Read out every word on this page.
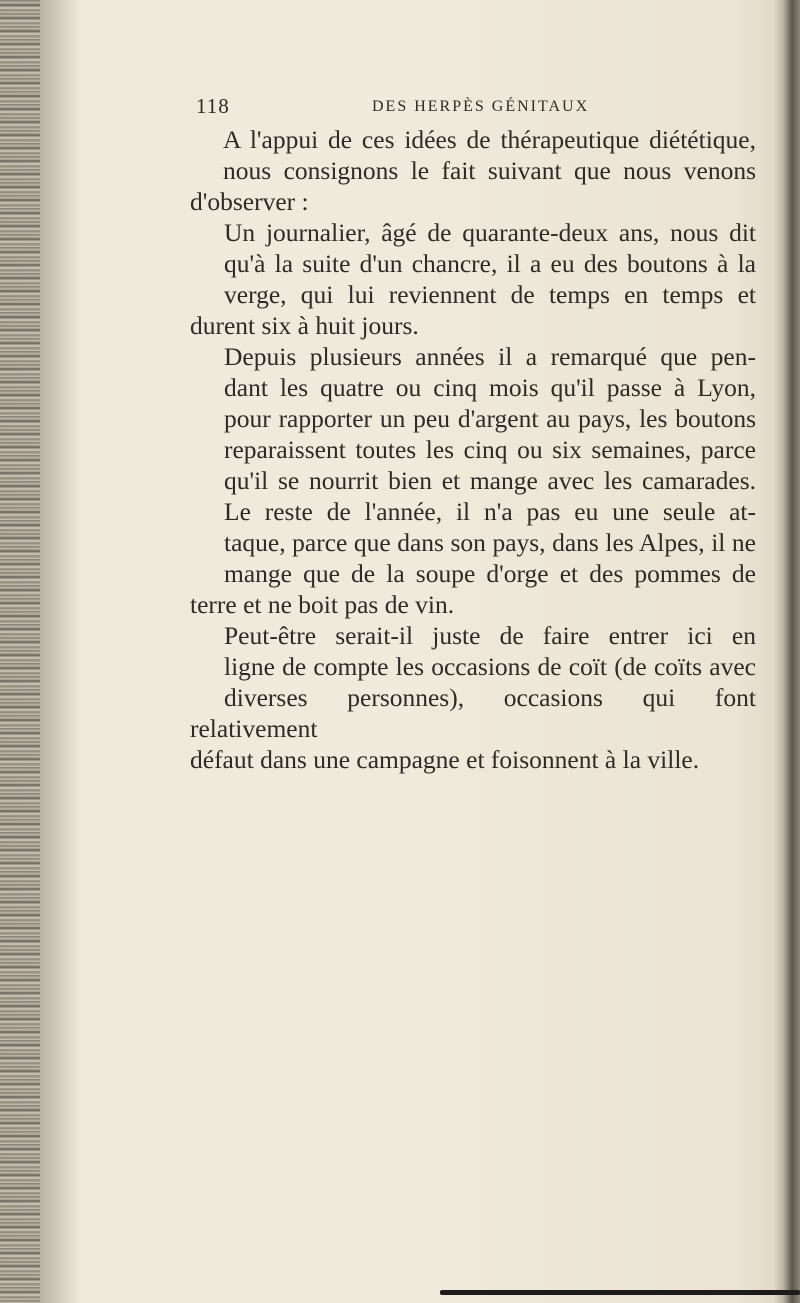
118	DES HERPÈS GÉNITAUX

A l'appui de ces idées de thérapeutique diététique,
nous consignons le fait suivant que nous venons

d'observer :

Un journalier, âgé de quarante-deux ans, nous dit
qu'à la suite d'un chancre, il a eu des boutons à la
verge, qui lui reviennent de temps en temps et

durent six à huit jours.

Depuis plusieurs années il a remarqué que pen-
dant les quatre ou cinq mois qu'il passe à Lyon,
pour rapporter un peu d'argent au pays, les boutons
reparaissent toutes les cinq ou six semaines, parce
qu'il se nourrit bien et mange avec les camarades.
Le reste de l'année, il n'a pas eu une seule at-
taque, parce que dans son pays, dans les Alpes, il ne
mange que de la soupe d'orge et des pommes de

terre et ne boit pas de vin.

Peut-être serait-il juste de faire entrer ici en
ligne de compte les occasions de coït (de coïts avec
diverses personnes), occasions qui font relativement

défaut dans une campagne et foisonnent à la ville.
